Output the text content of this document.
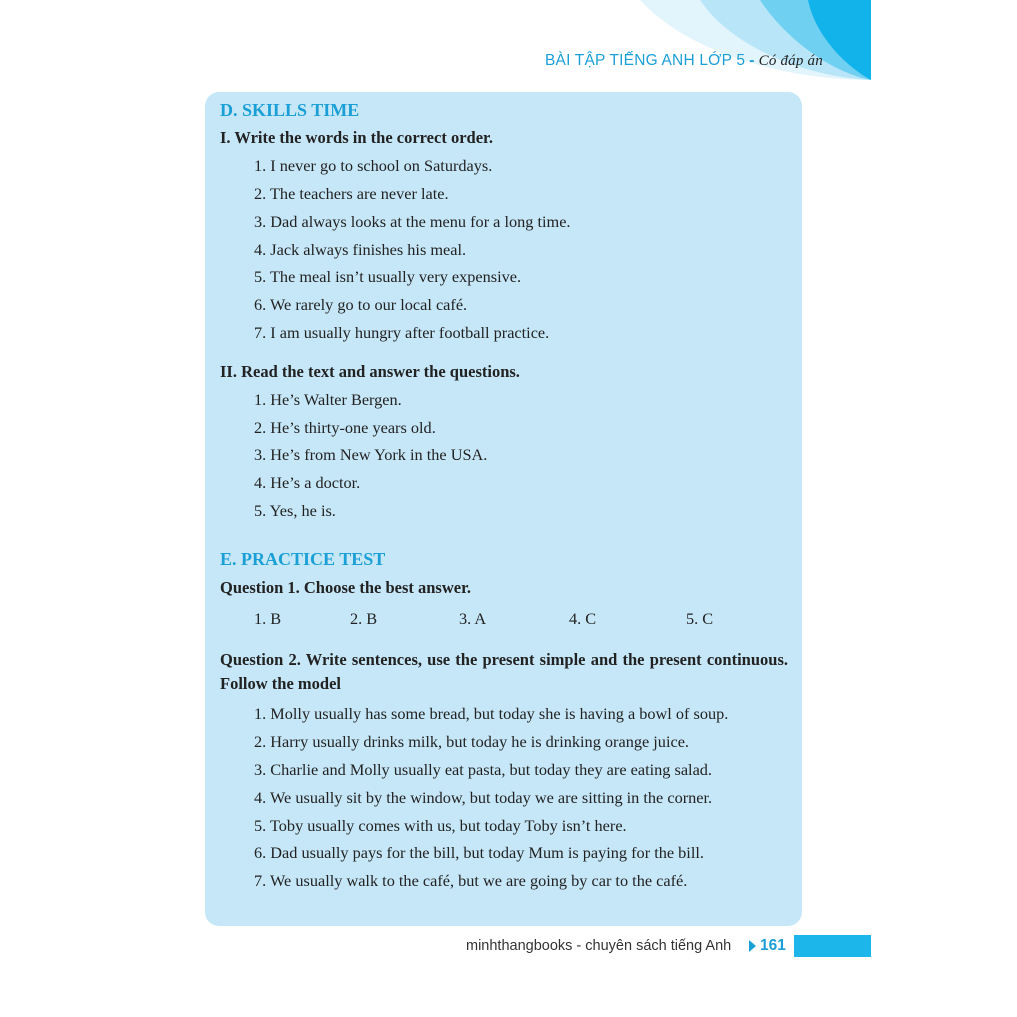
BÀI TẬP TIẾNG ANH LỚP 5 - Có đáp án
D. SKILLS TIME
I. Write the words in the correct order.
1. I never go to school on Saturdays.
2. The teachers are never late.
3. Dad always looks at the menu for a long time.
4. Jack always finishes his meal.
5. The meal isn’t usually very expensive.
6. We rarely go to our local café.
7. I am usually hungry after football practice.
II. Read the text and answer the questions.
1. He’s Walter Bergen.
2. He’s thirty-one years old.
3. He’s from New York in the USA.
4. He’s a doctor.
5. Yes, he is.
E. PRACTICE TEST
Question 1. Choose the best answer.
1. B	2. B	3. A	4. C	5. C
Question 2. Write sentences, use the present simple and the present continuous. Follow the model
1. Molly usually has some bread, but today she is having a bowl of soup.
2. Harry usually drinks milk, but today he is drinking orange juice.
3. Charlie and Molly usually eat pasta, but today they are eating salad.
4. We usually sit by the window, but today we are sitting in the corner.
5. Toby usually comes with us, but today Toby isn’t here.
6. Dad usually pays for the bill, but today Mum is paying for the bill.
7. We usually walk to the café, but we are going by car to the café.
minhthangbooks - chuyên sách tiếng Anh 161
